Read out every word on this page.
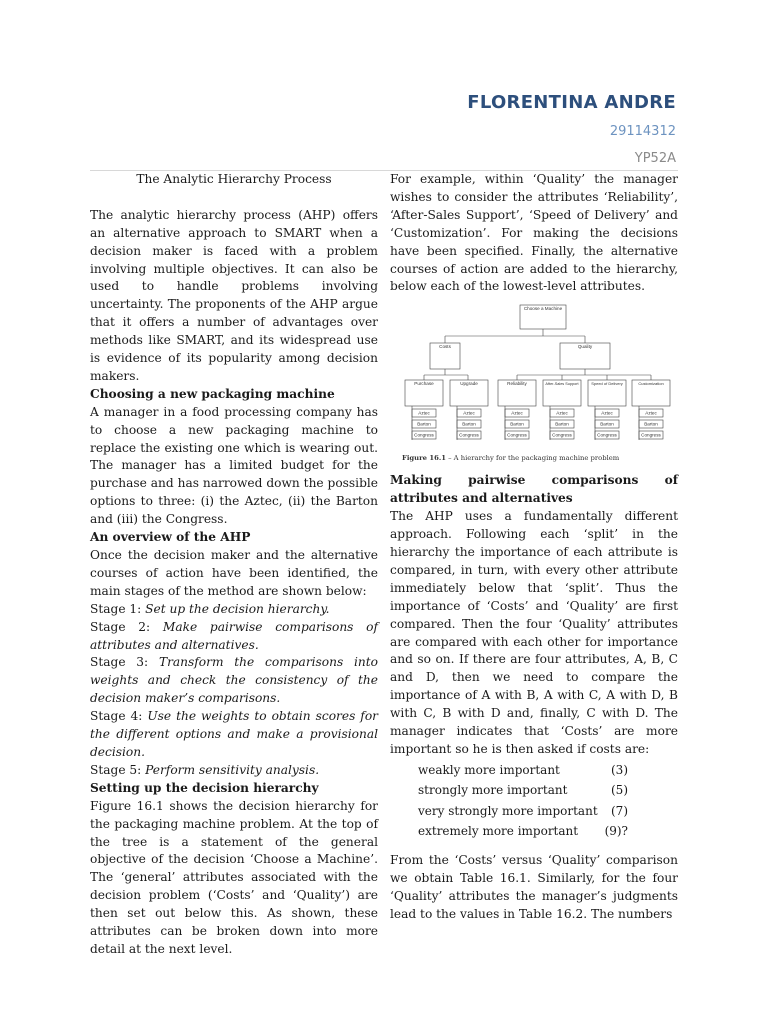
FLORENTINA ANDRE
29114312
YP52A

The Analytic Hierarchy Process

The analytic hierarchy process (AHP) offers an alternative approach to SMART when a decision maker is faced with a problem involving multiple objectives. It can also be used to handle problems involving uncertainty. The proponents of the AHP argue that it offers a number of advantages over methods like SMART, and its widespread use is evidence of its popularity among decision makers.

Choosing a new packaging machine

A manager in a food processing company has to choose a new packaging machine to replace the existing one which is wearing out. The manager has a limited budget for the purchase and has narrowed down the possible options to three: (i) the Aztec, (ii) the Barton and (iii) the Congress.

An overview of the AHP

Once the decision maker and the alternative courses of action have been identified, the main stages of the method are shown below:

Stage 1: Set up the decision hierarchy.

Stage 2: Make pairwise comparisons of attributes and alternatives.

Stage 3: Transform the comparisons into weights and check the consistency of the decision maker’s comparisons.

Stage 4: Use the weights to obtain scores for the different options and make a provisional decision.

Stage 5: Perform sensitivity analysis.

Setting up the decision hierarchy

Figure 16.1 shows the decision hierarchy for the packaging machine problem. At the top of the tree is a statement of the general objective of the decision ‘Choose a Machine’. The ‘general’ attributes associated with the decision problem (‘Costs’ and ‘Quality’) are then set out below this. As shown, these attributes can be broken down into more detail at the next level.

For example, within ‘Quality’ the manager wishes to consider the attributes ‘Reliability’, ‘After-Sales Support’, ‘Speed of Delivery’ and ‘Customization’. For making the decisions have been specified. Finally, the alternative courses of action are added to the hierarchy, below each of the lowest-level attributes.

Choose a Machine
Costs	Quality
Purchase	Upgrade	Reliability	After-Sales Support	Speed of Delivery	Customization
Aztec
Barton
Congress
Aztec
Barton
Congress
Aztec
Barton
Congress
Aztec
Barton
Congress
Aztec
Barton
Congress
Aztec
Barton
Congress
Figure 16.1 – A hierarchy for the packaging machine problem

Making pairwise comparisons of attributes and alternatives

The AHP uses a fundamentally different approach. Following each ‘split’ in the hierarchy the importance of each attribute is compared, in turn, with every other attribute immediately below that ‘split’. Thus the importance of ‘Costs’ and ‘Quality’ are first compared. Then the four ‘Quality’ attributes are compared with each other for importance and so on. If there are four attributes, A, B, C and D, then we need to compare the importance of A with B, A with C, A with D, B with C, B with D and, finally, C with D. The manager indicates that ‘Costs’ are more important so he is then asked if costs are:

weakly more important	(3)
strongly more important	(5)
very strongly more important (7)
extremely more important (9)?

From the ‘Costs’ versus ‘Quality’ comparison we obtain Table 16.1. Similarly, for the four ‘Quality’ attributes the manager’s judgments lead to the values in Table 16.2. The numbers
